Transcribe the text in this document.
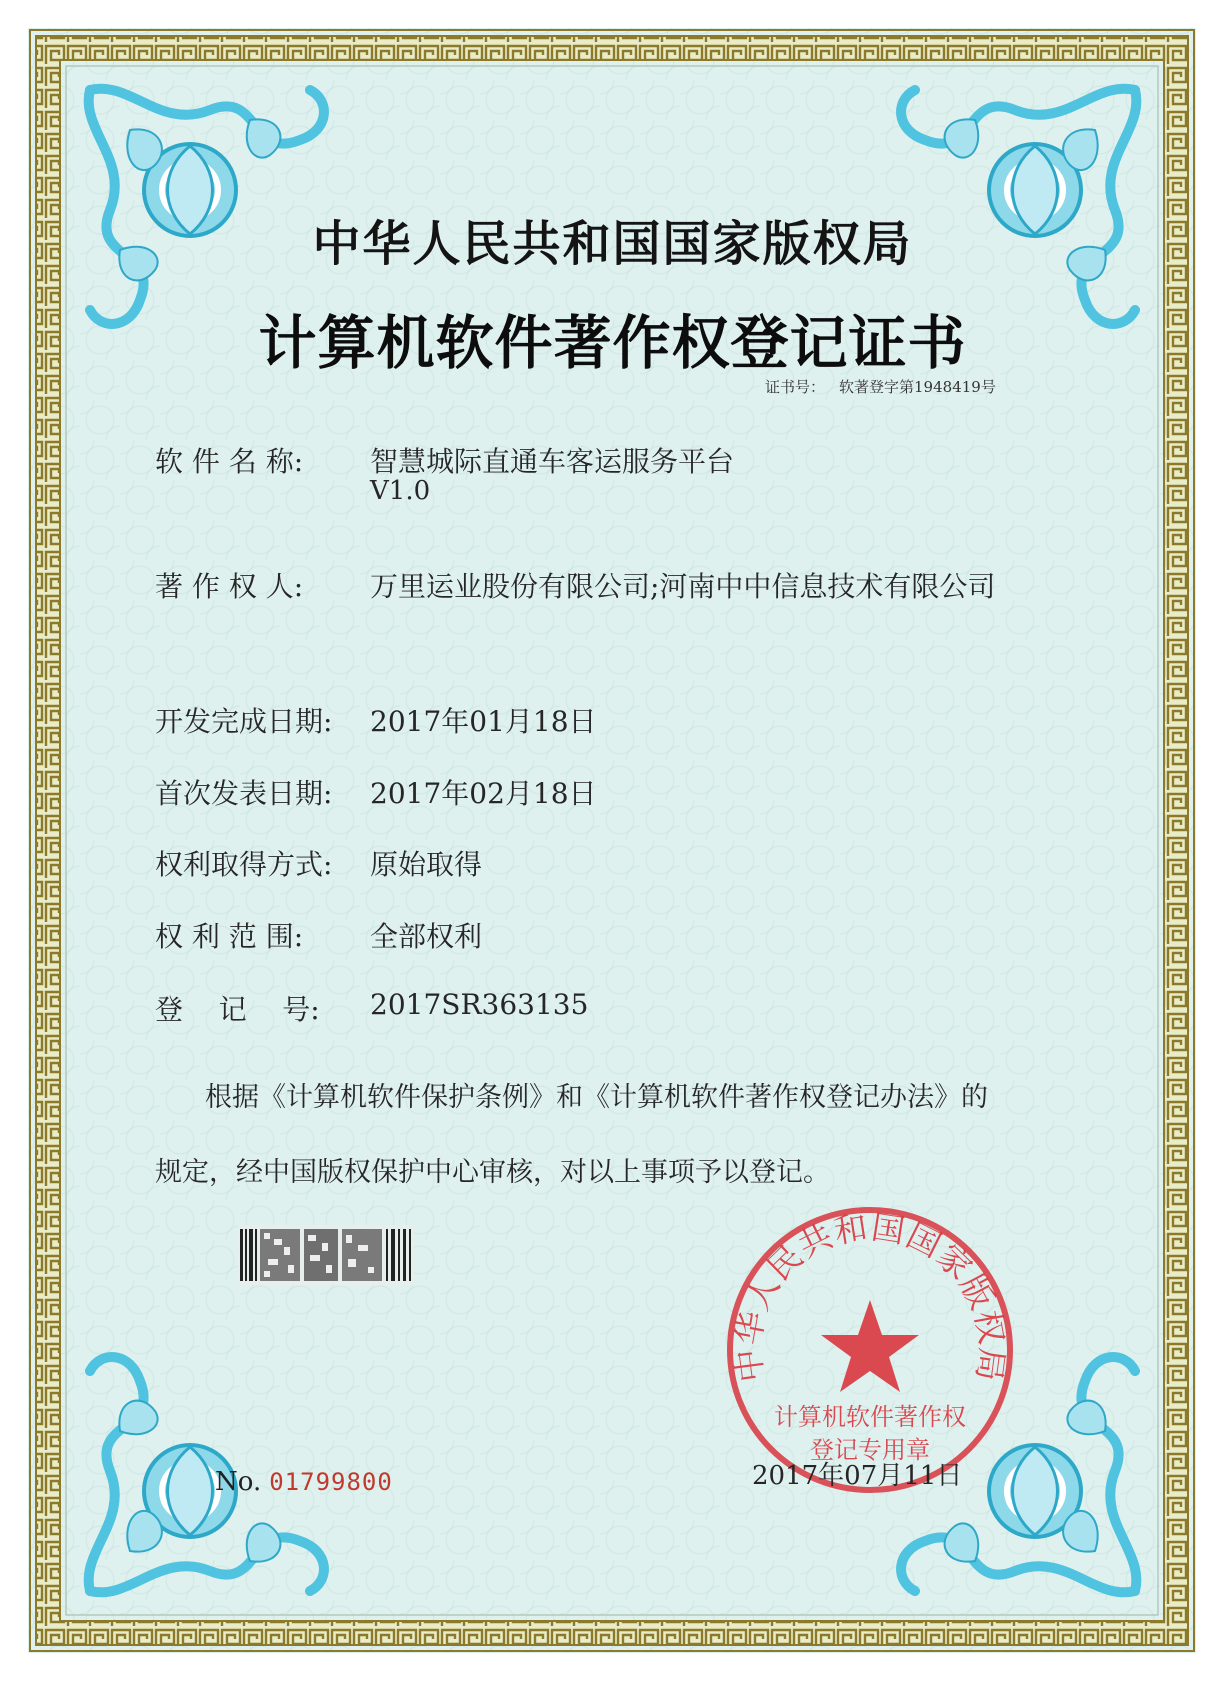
中华人民共和国国家版权局
计算机软件著作权登记证书
证书号： 软著登字第1948419号
软 件 名 称: 智慧城际直通车客运服务平台
V1.0
著 作 权 人: 万里运业股份有限公司;河南中中信息技术有限公司
开发完成日期: 2017年01月18日
首次发表日期: 2017年02月18日
权利取得方式: 原始取得
权 利 范 围: 全部权利
登    记    号: 2017SR363135
根据《计算机软件保护条例》和《计算机软件著作权登记办法》的
规定，经中国版权保护中心审核，对以上事项予以登记。
中华人民共和国国家版权局
计算机软件著作权
登记专用章
2017年07月11日
No. 01799800
